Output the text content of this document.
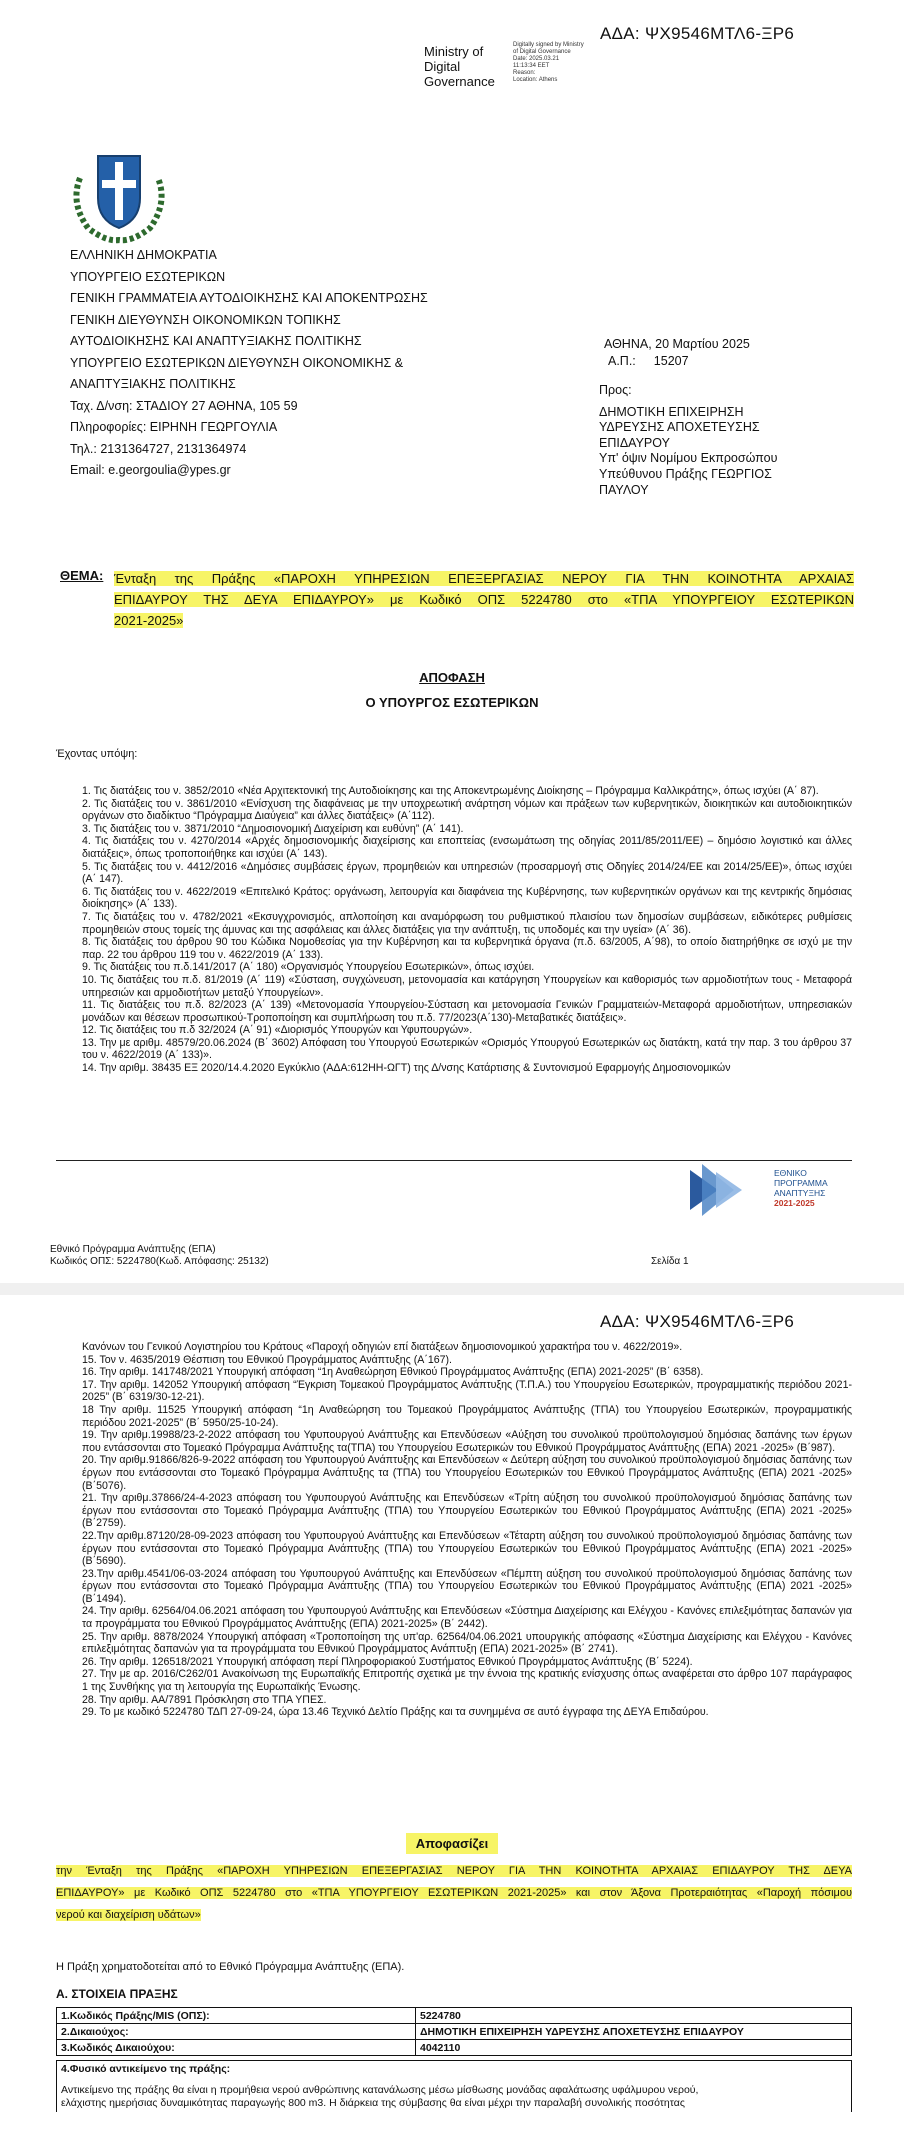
Ministry of
Digital
Governance
Digitally signed by Ministry
of Digital Governance
Date: 2025.03.21
11:13:34 EET
Reason:
Location: Athens
ΑΔΑ: ΨΧ9546ΜΤΛ6-ΞΡ6
ΕΛΛΗΝΙΚΗ ΔΗΜΟΚΡΑΤΙΑ
ΥΠΟΥΡΓΕΙΟ ΕΣΩΤΕΡΙΚΩΝ
ΓΕΝΙΚΗ ΓΡΑΜΜΑΤΕΙΑ ΑΥΤΟΔΙΟΙΚΗΣΗΣ ΚΑΙ ΑΠΟΚΕΝΤΡΩΣΗΣ
ΓΕΝΙΚΗ ΔΙΕΥΘΥΝΣΗ ΟΙΚΟΝΟΜΙΚΩΝ ΤΟΠΙΚΗΣ
ΑΥΤΟΔΙΟΙΚΗΣΗΣ ΚΑΙ ΑΝΑΠΤΥΞΙΑΚΗΣ ΠΟΛΙΤΙΚΗΣ
ΥΠΟΥΡΓΕΙΟ ΕΣΩΤΕΡΙΚΩΝ ΔΙΕΥΘΥΝΣΗ ΟΙΚΟΝΟΜΙΚΗΣ &
ΑΝΑΠΤΥΞΙΑΚΗΣ ΠΟΛΙΤΙΚΗΣ
Ταχ. Δ/νση: ΣΤΑΔΙΟΥ 27 ΑΘΗΝΑ, 105 59
Πληροφορίες: ΕΙΡΗΝΗ ΓΕΩΡΓΟΥΛΙΑ
Τηλ.: 2131364727, 2131364974
Email: e.georgoulia@ypes.gr
ΑΘΗΝΑ, 20 Μαρτίου 2025
Α.Π.: 15207
Προς:
ΔΗΜΟΤΙΚΗ ΕΠΙΧΕΙΡΗΣΗ
ΥΔΡΕΥΣΗΣ ΑΠΟΧΕΤΕΥΣΗΣ
ΕΠΙΔΑΥΡΟΥ
Υπ' όψιν Νομίμου Εκπροσώπου
Υπεύθυνου Πράξης ΓΕΩΡΓΙΟΣ
ΠΑΥΛΟΥ
ΘΕΜΑ: Ένταξη της Πράξης «ΠΑΡΟΧΗ ΥΠΗΡΕΣΙΩΝ ΕΠΕΞΕΡΓΑΣΙΑΣ ΝΕΡΟΥ ΓΙΑ ΤΗΝ ΚΟΙΝΟΤΗΤΑ ΑΡΧΑΙΑΣ
ΕΠΙΔΑΥΡΟΥ ΤΗΣ ΔΕΥΑ ΕΠΙΔΑΥΡΟΥ» με Κωδικό ΟΠΣ 5224780 στο «ΤΠΑ ΥΠΟΥΡΓΕΙΟΥ ΕΣΩΤΕΡΙΚΩΝ
2021-2025»
ΑΠΟΦΑΣΗ
Ο ΥΠΟΥΡΓΟΣ ΕΣΩΤΕΡΙΚΩΝ
Έχοντας υπόψη:

1. Τις διατάξεις του ν. 3852/2010 «Νέα Αρχιτεκτονική της Αυτοδιοίκησης και της Αποκεντρωμένης Διοίκησης – Πρόγραμμα Καλλικράτης», όπως ισχύει (Α΄ 87).

2. Τις διατάξεις του ν. 3861/2010 «Ενίσχυση της διαφάνειας με την υποχρεωτική ανάρτηση νόμων και πράξεων των κυβερνητικών, διοικητικών και αυτοδιοικητικών οργάνων στο διαδίκτυο “Πρόγραμμα Διαύγεια” και άλλες διατάξεις» (Α΄112).

3. Τις διατάξεις του ν. 3871/2010 “Δημοσιονομική Διαχείριση και ευθύνη” (Α΄ 141).

4. Τις διατάξεις του ν. 4270/2014 «Αρχές δημοσιονομικής διαχείρισης και εποπτείας (ενσωμάτωση της οδηγίας 2011/85/2011/ΕΕ) – δημόσιο λογιστικό και άλλες διατάξεις», όπως τροποποιήθηκε και ισχύει (Α΄ 143).

5. Τις διατάξεις του ν. 4412/2016 «Δημόσιες συμβάσεις έργων, προμηθειών και υπηρεσιών (προσαρμογή στις Οδηγίες 2014/24/ΕΕ και 2014/25/ΕΕ)», όπως ισχύει (Α΄ 147).

6. Τις διατάξεις του ν. 4622/2019 «Επιτελικό Κράτος: οργάνωση, λειτουργία και διαφάνεια της Κυβέρνησης, των κυβερνητικών οργάνων και της κεντρικής δημόσιας διοίκησης» (Α΄ 133).

7. Τις διατάξεις του ν. 4782/2021 «Εκσυγχρονισμός, απλοποίηση και αναμόρφωση του ρυθμιστικού πλαισίου των δημοσίων συμβάσεων, ειδικότερες ρυθμίσεις προμηθειών στους τομείς της άμυνας και της ασφάλειας και άλλες διατάξεις για την ανάπτυξη, τις υποδομές και την υγεία» (Α΄ 36).

8. Τις διατάξεις του άρθρου 90 του Κώδικα Νομοθεσίας για την Κυβέρνηση και τα κυβερνητικά όργανα (π.δ. 63/2005, Α΄98), το οποίο διατηρήθηκε σε ισχύ με την παρ. 22 του άρθρου 119 του ν. 4622/2019 (Α΄ 133).

9. Τις διατάξεις του π.δ.141/2017 (Α΄ 180) «Οργανισμός Υπουργείου Εσωτερικών», όπως ισχύει.

10. Τις διατάξεις του π.δ. 81/2019 (Α΄ 119) «Σύσταση, συγχώνευση, μετονομασία και κατάργηση Υπουργείων και καθορισμός των αρμοδιοτήτων τους - Μεταφορά υπηρεσιών και αρμοδιοτήτων μεταξύ Υπουργείων».

11. Τις διατάξεις του π.δ. 82/2023 (Α΄ 139) «Μετονομασία Υπουργείου-Σύσταση και μετονομασία Γενικών Γραμματειών-Μεταφορά αρμοδιοτήτων, υπηρεσιακών μονάδων και θέσεων προσωπικού-Τροποποίηση και συμπλήρωση του π.δ. 77/2023(Α΄130)-Μεταβατικές διατάξεις».

12. Τις διατάξεις του π.δ 32/2024 (Α΄ 91) «Διορισμός Υπουργών και Υφυπουργών».

13. Την με αριθμ. 48579/20.06.2024 (Β΄ 3602) Απόφαση του Υπουργού Εσωτερικών «Ορισμός Υπουργού Εσωτερικών ως διατάκτη, κατά την παρ. 3 του άρθρου 37 του ν. 4622/2019 (Α΄ 133)».

14. Την αριθμ. 38435 ΕΞ 2020/14.4.2020 Εγκύκλιο (ΑΔΑ:612ΗΗ-ΩΓΤ) της Δ/νσης Κατάρτισης & Συντονισμού Εφαρμογής Δημοσιονομικών

ΕΘΝΙΚΟ
ΠΡΟΓΡΑΜΜΑ
ΑΝΑΠΤΥΞΗΣ
2021-2025
Εθνικό Πρόγραμμα Ανάπτυξης (ΕΠΑ)
Κωδικός ΟΠΣ: 5224780(Κωδ. Απόφασης: 25132)	Σελίδα 1
ΑΔΑ: ΨΧ9546ΜΤΛ6-ΞΡ6

Κανόνων του Γενικού Λογιστηρίου του Κράτους «Παροχή οδηγιών επί διατάξεων δημοσιονομικού χαρακτήρα του ν. 4622/2019».

15. Τον ν. 4635/2019 Θέσπιση του Εθνικού Προγράμματος Ανάπτυξης (Α΄167).

16. Την αριθμ. 141748/2021 Υπουργική απόφαση “1η Αναθεώρηση Εθνικού Προγράμματος Ανάπτυξης (ΕΠΑ) 2021-2025” (Β΄ 6358).

17. Την αριθμ. 142052 Υπουργική απόφαση “Έγκριση Τομεακού Προγράμματος Ανάπτυξης (Τ.Π.Α.) του Υπουργείου Εσωτερικών, προγραμματικής περιόδου 2021-2025” (Β΄ 6319/30-12-21).

18 Την αριθμ. 11525 Υπουργική απόφαση “1η Αναθεώρηση του Τομεακού Προγράμματος Ανάπτυξης (ΤΠΑ) του Υπουργείου Εσωτερικών, προγραμματικής περιόδου 2021-2025” (Β΄ 5950/25-10-24).

19. Την αριθμ.19988/23-2-2022 απόφαση του Υφυπουργού Ανάπτυξης και Επενδύσεων «Αύξηση του συνολικού προϋπολογισμού δημόσιας δαπάνης των έργων που εντάσσονται στο Τομεακό Πρόγραμμα Ανάπτυξης τα(ΤΠΑ) του Υπουργείου Εσωτερικών του Εθνικού Προγράμματος Ανάπτυξης (ΕΠΑ) 2021 -2025» (Β΄987).

20. Την αριθμ.91866/826-9-2022 απόφαση του Υφυπουργού Ανάπτυξης και Επενδύσεων « Δεύτερη αύξηση του συνολικού προϋπολογισμού δημόσιας δαπάνης των έργων που εντάσσονται στο Τομεακό Πρόγραμμα Ανάπτυξης τα (ΤΠΑ) του Υπουργείου Εσωτερικών του Εθνικού Προγράμματος Ανάπτυξης (ΕΠΑ) 2021 -2025» (Β΄5076).

21. Την αριθμ.37866/24-4-2023 απόφαση του Υφυπουργού Ανάπτυξης και Επενδύσεων «Τρίτη αύξηση του συνολικού προϋπολογισμού δημόσιας δαπάνης των έργων που εντάσσονται στο Τομεακό Πρόγραμμα Ανάπτυξης (ΤΠΑ) του Υπουργείου Εσωτερικών του Εθνικού Προγράμματος Ανάπτυξης (ΕΠΑ) 2021 -2025» (Β΄2759).

22.Την αριθμ.87120/28-09-2023 απόφαση του Υφυπουργού Ανάπτυξης και Επενδύσεων «Τέταρτη αύξηση του συνολικού προϋπολογισμού δημόσιας δαπάνης των έργων που εντάσσονται στο Τομεακό Πρόγραμμα Ανάπτυξης (ΤΠΑ) του Υπουργείου Εσωτερικών του Εθνικού Προγράμματος Ανάπτυξης (ΕΠΑ) 2021 -2025» (Β΄5690).

23.Την αριθμ.4541/06-03-2024 απόφαση του Υφυπουργού Ανάπτυξης και Επενδύσεων «Πέμπτη αύξηση του συνολικού προϋπολογισμού δημόσιας δαπάνης των έργων που εντάσσονται στο Τομεακό Πρόγραμμα Ανάπτυξης (ΤΠΑ) του Υπουργείου Εσωτερικών του Εθνικού Προγράμματος Ανάπτυξης (ΕΠΑ) 2021 -2025» (Β΄1494).

24. Την αριθμ. 62564/04.06.2021 απόφαση του Υφυπουργού Ανάπτυξης και Επενδύσεων «Σύστημα Διαχείρισης και Ελέγχου - Κανόνες επιλεξιμότητας δαπανών για τα προγράμματα του Εθνικού Προγράμματος Ανάπτυξης (ΕΠΑ) 2021-2025» (Β΄ 2442).

25. Την αριθμ. 8878/2024 Υπουργική απόφαση «Τροποποίηση της υπ'αρ. 62564/04.06.2021 υπουργικής απόφασης «Σύστημα Διαχείρισης και Ελέγχου - Κανόνες επιλεξιμότητας δαπανών για τα προγράμματα του Εθνικού Προγράμματος Ανάπτυξη (ΕΠΑ) 2021-2025» (Β΄ 2741).

26. Την αριθμ. 126518/2021 Υπουργική απόφαση περί Πληροφοριακού Συστήματος Εθνικού Προγράμματος Ανάπτυξης (Β΄ 5224).

27. Την με αρ. 2016/C262/01 Ανακοίνωση της Ευρωπαϊκής Επιτροπής σχετικά με την έννοια της κρατικής ενίσχυσης όπως αναφέρεται στο άρθρο 107 παράγραφος 1 της Συνθήκης για τη λειτουργία της Ευρωπαϊκής Ένωσης.

28. Την αριθμ. ΑΑ/7891 Πρόσκληση στο ΤΠΑ ΥΠΕΣ.

29. Το με κωδικό 5224780 ΤΔΠ 27-09-24, ώρα 13.46 Τεχνικό Δελτίο Πράξης και τα συνημμένα σε αυτό έγγραφα της ΔΕΥΑ Επιδαύρου.

Αποφασίζει
την Ένταξη της Πράξης «ΠΑΡΟΧΗ ΥΠΗΡΕΣΙΩΝ ΕΠΕΞΕΡΓΑΣΙΑΣ ΝΕΡΟΥ ΓΙΑ ΤΗΝ ΚΟΙΝΟΤΗΤΑ ΑΡΧΑΙΑΣ ΕΠΙΔΑΥΡΟΥ ΤΗΣ ΔΕΥΑ
ΕΠΙΔΑΥΡΟΥ» με Κωδικό ΟΠΣ 5224780 στο «ΤΠΑ ΥΠΟΥΡΓΕΙΟΥ ΕΣΩΤΕΡΙΚΩΝ 2021-2025» και στον Άξονα Προτεραιότητας «Παροχή πόσιμου
νερού και διαχείριση υδάτων»
Η Πράξη χρηματοδοτείται από το Εθνικό Πρόγραμμα Ανάπτυξης (ΕΠΑ).
Α. ΣΤΟΙΧΕΙΑ ΠΡΑΞΗΣ
1.Κωδικός Πράξης/MIS (ΟΠΣ):	5224780
2.Δικαιούχος:	ΔΗΜΟΤΙΚΗ ΕΠΙΧΕΙΡΗΣΗ ΥΔΡΕΥΣΗΣ ΑΠΟΧΕΤΕΥΣΗΣ ΕΠΙΔΑΥΡΟΥ
3.Κωδικός Δικαιούχου:	4042110
4.Φυσικό αντικείμενο της πράξης:
Αντικείμενο της πράξης θα είναι η προμήθεια νερού ανθρώπινης κατανάλωσης μέσω μίσθωσης μονάδας αφαλάτωσης υφάλμυρου νερού,
ελάχιστης ημερήσιας δυναμικότητας παραγωγής 800 m3. Η διάρκεια της σύμβασης θα είναι μέχρι την παραλαβή συνολικής ποσότητας
